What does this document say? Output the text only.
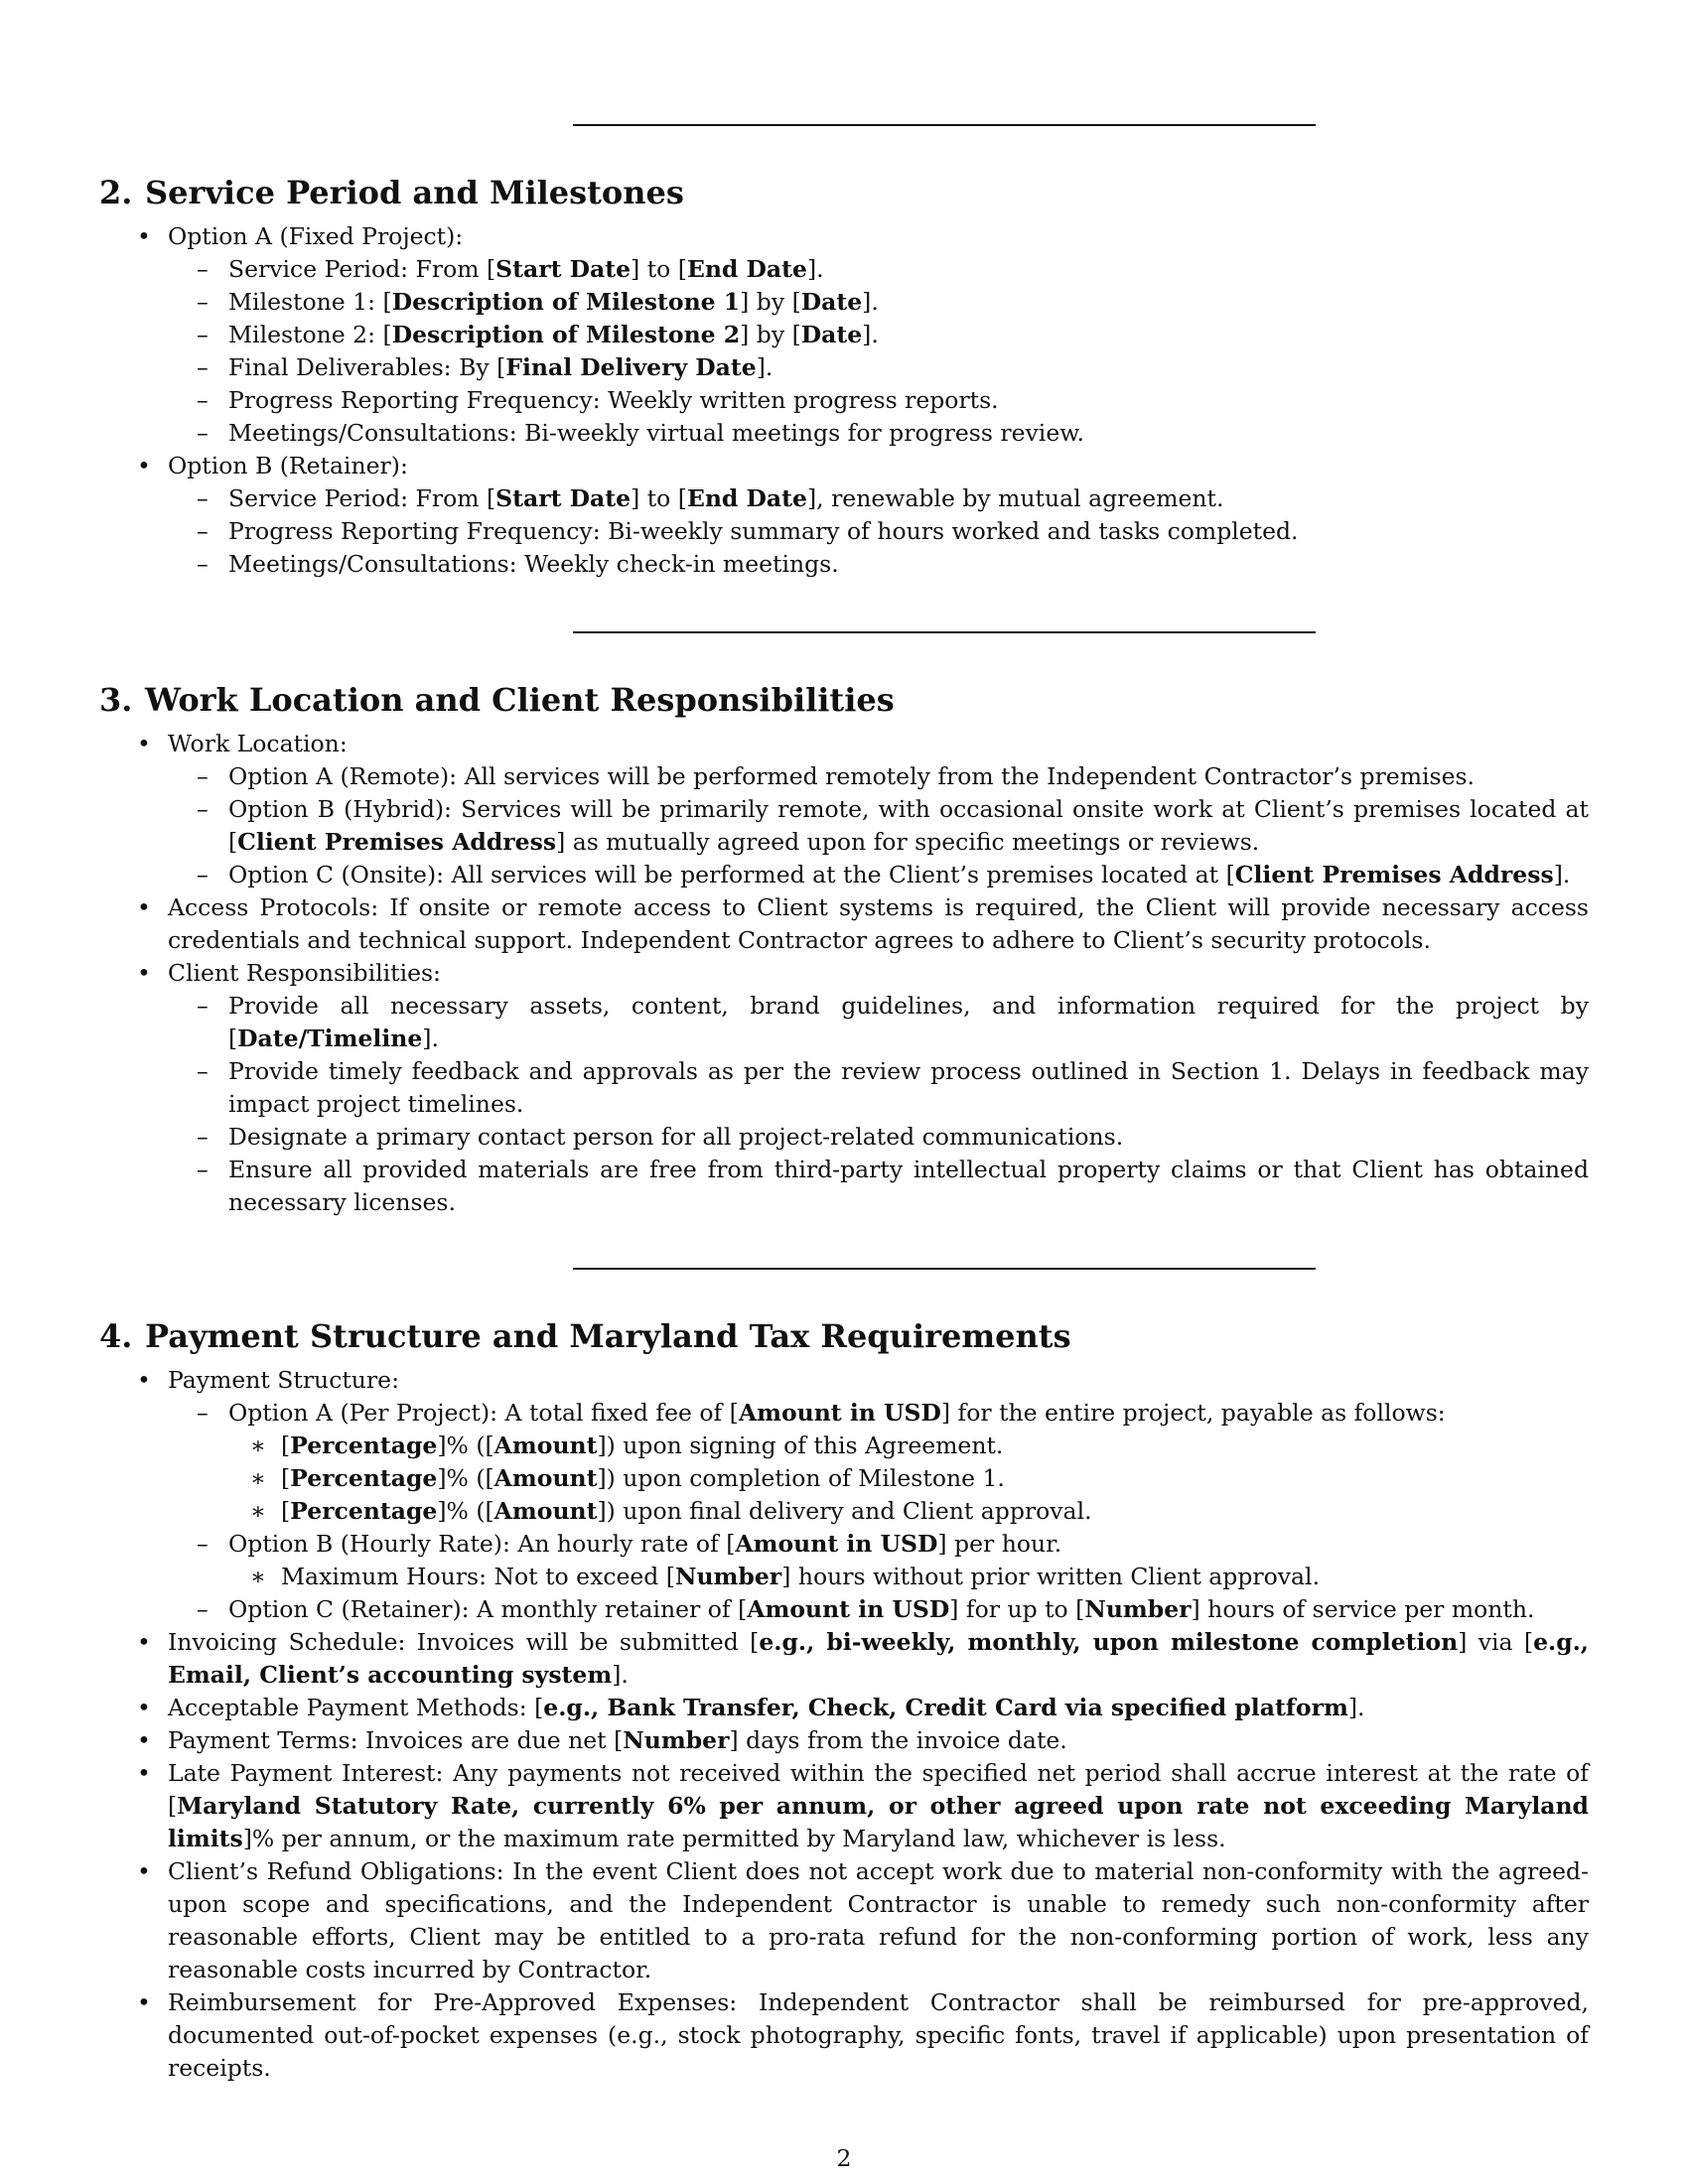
2. Service Period and Milestones
• Option A (Fixed Project):
– Service Period: From [Start Date] to [End Date].
– Milestone 1: [Description of Milestone 1] by [Date].
– Milestone 2: [Description of Milestone 2] by [Date].
– Final Deliverables: By [Final Delivery Date].
– Progress Reporting Frequency: Weekly written progress reports.
– Meetings/Consultations: Bi-weekly virtual meetings for progress review.
• Option B (Retainer):
– Service Period: From [Start Date] to [End Date], renewable by mutual agreement.
– Progress Reporting Frequency: Bi-weekly summary of hours worked and tasks completed.
– Meetings/Consultations: Weekly check-in meetings.
3. Work Location and Client Responsibilities
• Work Location:
– Option A (Remote): All services will be performed remotely from the Independent Contractor’s premises.
– Option B (Hybrid): Services will be primarily remote, with occasional onsite work at Client’s premises located at [Client Premises Address] as mutually agreed upon for specific meetings or reviews.
– Option C (Onsite): All services will be performed at the Client’s premises located at [Client Premises Address].
• Access Protocols: If onsite or remote access to Client systems is required, the Client will provide necessary access credentials and technical support. Independent Contractor agrees to adhere to Client’s security protocols.
• Client Responsibilities:
– Provide all necessary assets, content, brand guidelines, and information required for the project by [Date/Timeline].
– Provide timely feedback and approvals as per the review process outlined in Section 1. Delays in feedback may impact project timelines.
– Designate a primary contact person for all project-related communications.
– Ensure all provided materials are free from third-party intellectual property claims or that Client has obtained necessary licenses.
4. Payment Structure and Maryland Tax Requirements
• Payment Structure:
– Option A (Per Project): A total fixed fee of [Amount in USD] for the entire project, payable as follows:
∗ [Percentage]% ([Amount]) upon signing of this Agreement.
∗ [Percentage]% ([Amount]) upon completion of Milestone 1.
∗ [Percentage]% ([Amount]) upon final delivery and Client approval.
– Option B (Hourly Rate): An hourly rate of [Amount in USD] per hour.
∗ Maximum Hours: Not to exceed [Number] hours without prior written Client approval.
– Option C (Retainer): A monthly retainer of [Amount in USD] for up to [Number] hours of service per month.
• Invoicing Schedule: Invoices will be submitted [e.g., bi-weekly, monthly, upon milestone completion] via [e.g., Email, Client’s accounting system].
• Acceptable Payment Methods: [e.g., Bank Transfer, Check, Credit Card via specified platform].
• Payment Terms: Invoices are due net [Number] days from the invoice date.
• Late Payment Interest: Any payments not received within the specified net period shall accrue interest at the rate of [Maryland Statutory Rate, currently 6% per annum, or other agreed upon rate not exceeding Maryland limits]% per annum, or the maximum rate permitted by Maryland law, whichever is less.
• Client’s Refund Obligations: In the event Client does not accept work due to material non-conformity with the agreed-upon scope and specifications, and the Independent Contractor is unable to remedy such non-conformity after reasonable efforts, Client may be entitled to a pro-rata refund for the non-conforming portion of work, less any reasonable costs incurred by Contractor.
• Reimbursement for Pre-Approved Expenses: Independent Contractor shall be reimbursed for pre-approved, documented out-of-pocket expenses (e.g., stock photography, specific fonts, travel if applicable) upon presentation of receipts.
2
